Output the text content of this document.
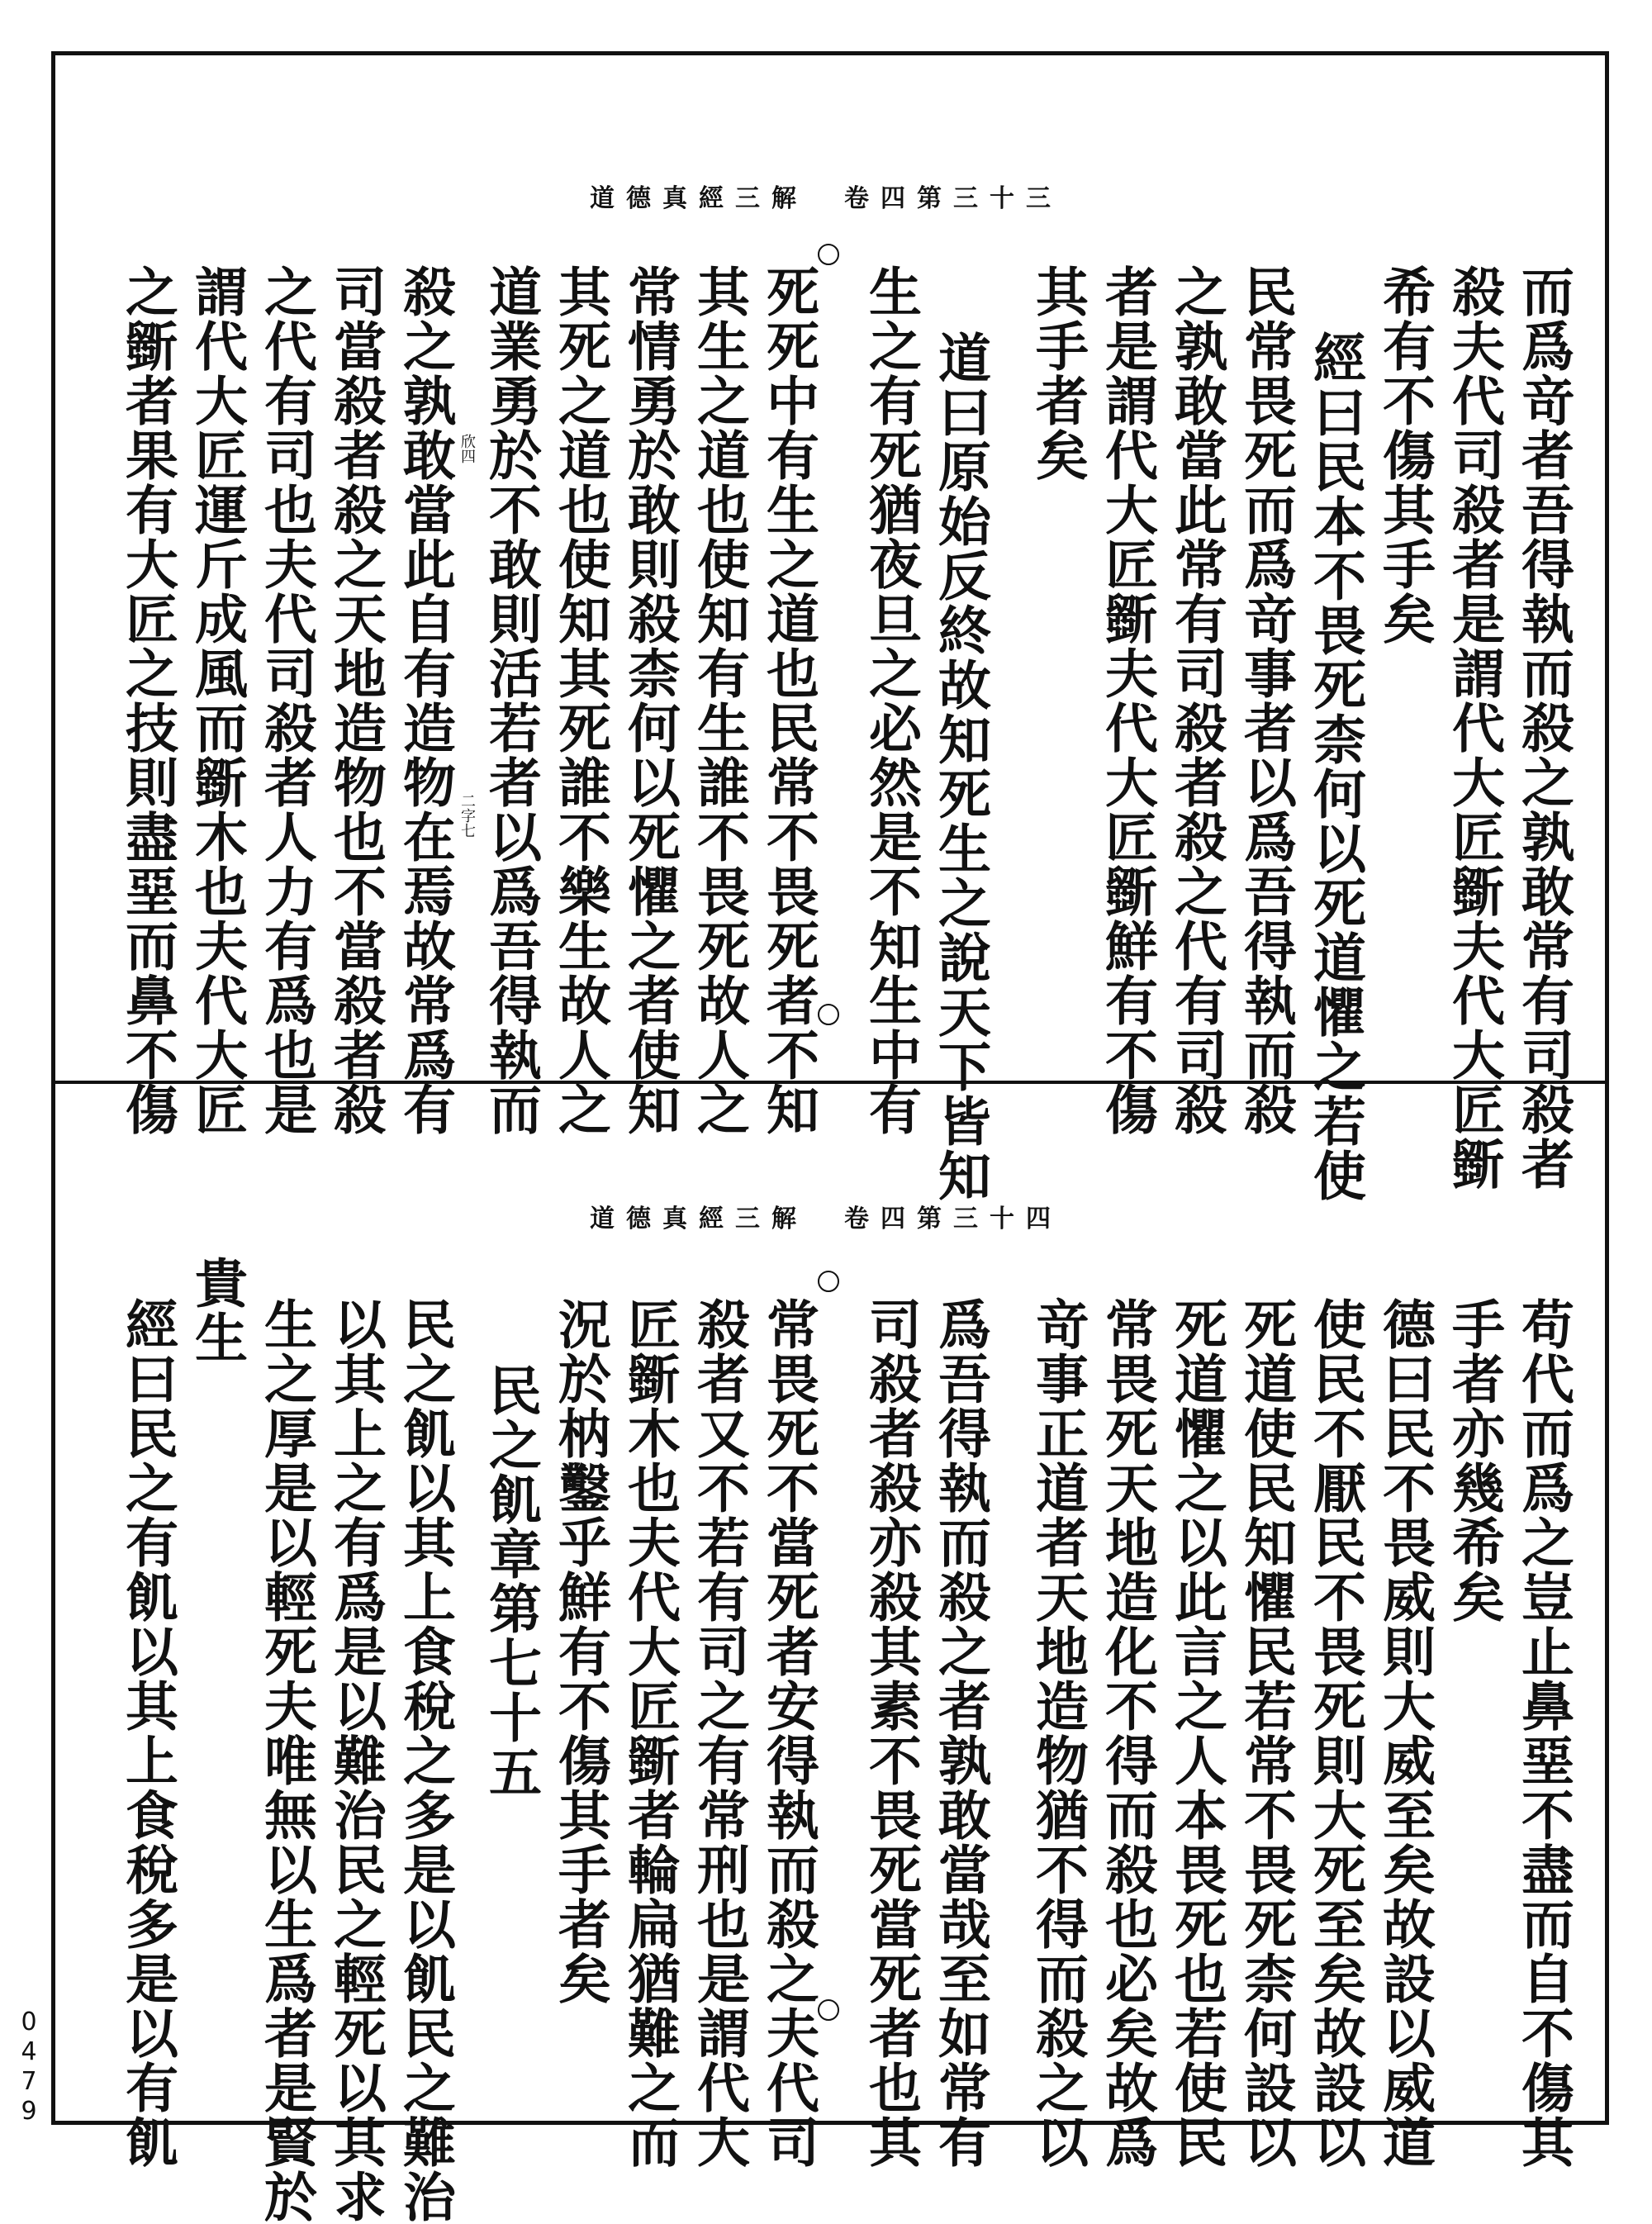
道德真經三解　卷四第三十三
而爲竒者吾得執而殺之孰敢常有司殺者
殺夫代司殺者是謂代大匠斵夫代大匠斵
希有不傷其手矣
經曰民本不畏死柰何以死道懼之若使
民常畏死而爲竒事者以爲吾得執而殺
之孰敢當此常有司殺者殺之代有司殺
者是謂代大匠斵夫代大匠斵鮮有不傷
其手者矣
道曰原始反終故知死生之說天下皆知
生之有死猶夜旦之必然是不知生中有
死死中有生之道也民常不畏死者不知
其生之道也使知有生誰不畏死故人之
常情勇於敢則殺柰何以死懼之者使知
其死之道也使知其死誰不樂生故人之
道業勇於不敢則活若者以爲吾得執而
殺之孰敢當此自有造物在焉故常爲有
司當殺者殺之天地造物也不當殺者殺
之代有司也夫代司殺者人力有爲也是
謂代大匠運斤成風而斵木也夫代大匠
之斵者果有大匠之技則盡堊而鼻不傷	欣四
二字七
道德真經三解　卷四第三十四
苟代而爲之豈止鼻堊不盡而自不傷其
手者亦幾希矣
德曰民不畏威則大威至矣故設以威道
使民不厭民不畏死則大死至矣故設以
死道使民知懼民若常不畏死柰何設以
死道懼之以此言之人本畏死也若使民
常畏死天地造化不得而殺也必矣故爲
竒事正道者天地造物猶不得而殺之以
爲吾得執而殺之者孰敢當哉至如常有
司殺者殺亦殺其素不畏死當死者也其
常畏死不當死者安得執而殺之夫代司
殺者又不若有司之有常刑也是謂代大
匠斵木也夫代大匠斵者輪扁猶難之而
況於枘鑿乎鮮有不傷其手者矣
民之飢章第七十五
民之飢以其上食稅之多是以飢民之難治
以其上之有爲是以難治民之輕死以其求
生之厚是以輕死夫唯無以生爲者是賢於
貴生
經曰民之有飢以其上食稅多是以有飢
0
4
7
9
